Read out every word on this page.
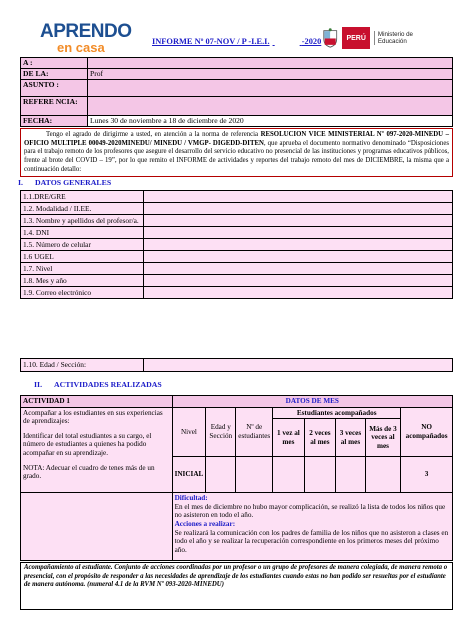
APRENDO
en casa	INFORME Nº 07-NOV / P -I.E.I.	-2020	PERÚ	Ministerio de Educación
A :	
DE LA:	Prof
ASUNTO :	
REFERE NCIA:	
FECHA:	Lunes 30 de noviembre a 18 de diciembre de 2020
Tengo el agrado de dirigirme a usted, en atención a la norma de referencia RESOLUCION VICE MINISTERIAL Nº 097-2020-MINEDU – OFICIO MULTIPLE 00049-2020MINEDU/ MINEDU / VMGP- DIGEDD-DITEN, que aprueba el documento normativo denominado “Disposiciones para el trabajo remoto de los profesores que asegure el desarrollo del servicio educativo no presencial de las instituciones y programas educativos públicos, frente al brote del COVID – 19”, por lo que remito el INFORME de actividades y reportes del trabajo remoto del mes de DICIEMBRE, la misma que a continuación detallo:
I. DATOS GENERALES
1.1.DRE/GRE	
1.2. Modalidad / II.EE.	
1.3. Nombre y apellidos del profesor/a.	
1.4. DNI	
1.5. Número de celular	
1.6 UGEL	
1.7. Nivel	
1.8. Mes y año	
1.9. Correo electrónico	
1.10. Edad / Sección:	
II. ACTIVIDADES REALIZADAS
ACTIVIDAD 1	DATOS DE MES							

Acompañar a los estudiantes en sus experiencias de aprendizajes:
Identificar del total estudiantes a su cargo, el número de estudiantes a quienes ha podido acompañar en su aprendizaje.
NOTA: Adecuar el cuadro de tenes más de un grado.	Nivel	Edad y Sección	Nº de estudiantes	Estudiantes acompañados				NO acompañados
				1 vez al mes	2 veces al mes	3 veces al mes	Más de 3 veces al mes	
	INICIAL							3

	Dificultad:
En el mes de diciembre no hubo mayor complicación, se realizó la lista de todos los niños que no asisteron en todo el año.
Acciones a realizar:
Se realizará la comunicación con los padres de familia de los niños que no asisteron a clases en todo el año y se realizar la recuperación correspondiente en los primeros meses del próximo año.							
Acompañamiento al estudiante. Conjunto de acciones coordinadas por un profesor o un grupo de profesores de manera colegiada, de manera remota o presencial, con el propósito de responder a las necesidades de aprendizaje de los estudiantes cuando estas no han podido ser resueltas por el estudiante de manera autónoma. (numeral 4.1 de la RVM Nº 093-2020-MINEDU)
